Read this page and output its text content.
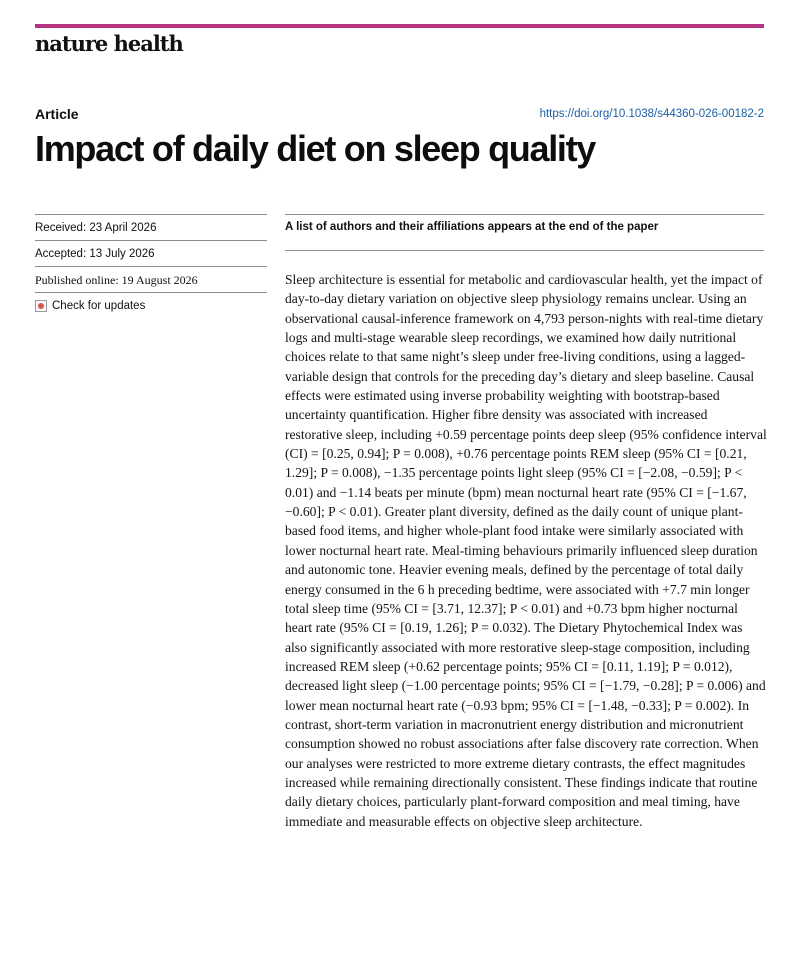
nature health
Article	https://doi.org/10.1038/s44360-026-00182-2
Impact of daily diet on sleep quality
Received: 23 April 2026
Accepted: 13 July 2026
Published online: 19 August 2026
Check for updates
A list of authors and their affiliations appears at the end of the paper

Sleep architecture is essential for metabolic and cardiovascular health, yet the impact of day-to-day dietary variation on objective sleep physiology remains unclear. Using an observational causal-inference framework on 4,793 person-nights with real-time dietary logs and multi-stage wearable sleep recordings, we examined how daily nutritional choices relate to that same night’s sleep under free-living conditions, using a lagged-variable design that controls for the preceding day’s dietary and sleep baseline. Causal effects were estimated using inverse probability weighting with bootstrap-based uncertainty quantification. Higher fibre density was associated with increased restorative sleep, including +0.59 percentage points deep sleep (95% confidence interval (CI) = [0.25, 0.94]; P = 0.008), +0.76 percentage points REM sleep (95% CI = [0.21, 1.29]; P = 0.008), −1.35 percentage points light sleep (95% CI = [−2.08, −0.59]; P < 0.01) and −1.14 beats per minute (bpm) mean nocturnal heart rate (95% CI = [−1.67, −0.60]; P < 0.01). Greater plant diversity, defined as the daily count of unique plant-based food items, and higher whole-plant food intake were similarly associated with lower nocturnal heart rate. Meal-timing behaviours primarily influenced sleep duration and autonomic tone. Heavier evening meals, defined by the percentage of total daily energy consumed in the 6 h preceding bedtime, were associated with +7.7 min longer total sleep time (95% CI = [3.71, 12.37]; P < 0.01) and +0.73 bpm higher nocturnal heart rate (95% CI = [0.19, 1.26]; P = 0.032). The Dietary Phytochemical Index was also significantly associated with more restorative sleep-stage composition, including increased REM sleep (+0.62 percentage points; 95% CI = [0.11, 1.19]; P = 0.012), decreased light sleep (−1.00 percentage points; 95% CI = [−1.79, −0.28]; P = 0.006) and lower mean nocturnal heart rate (−0.93 bpm; 95% CI = [−1.48, −0.33]; P = 0.002). In contrast, short-term variation in macronutrient energy distribution and micronutrient consumption showed no robust associations after false discovery rate correction. When our analyses were restricted to more extreme dietary contrasts, the effect magnitudes increased while remaining directionally consistent. These findings indicate that routine daily dietary choices, particularly plant-forward composition and meal timing, have immediate and measurable effects on objective sleep architecture.
